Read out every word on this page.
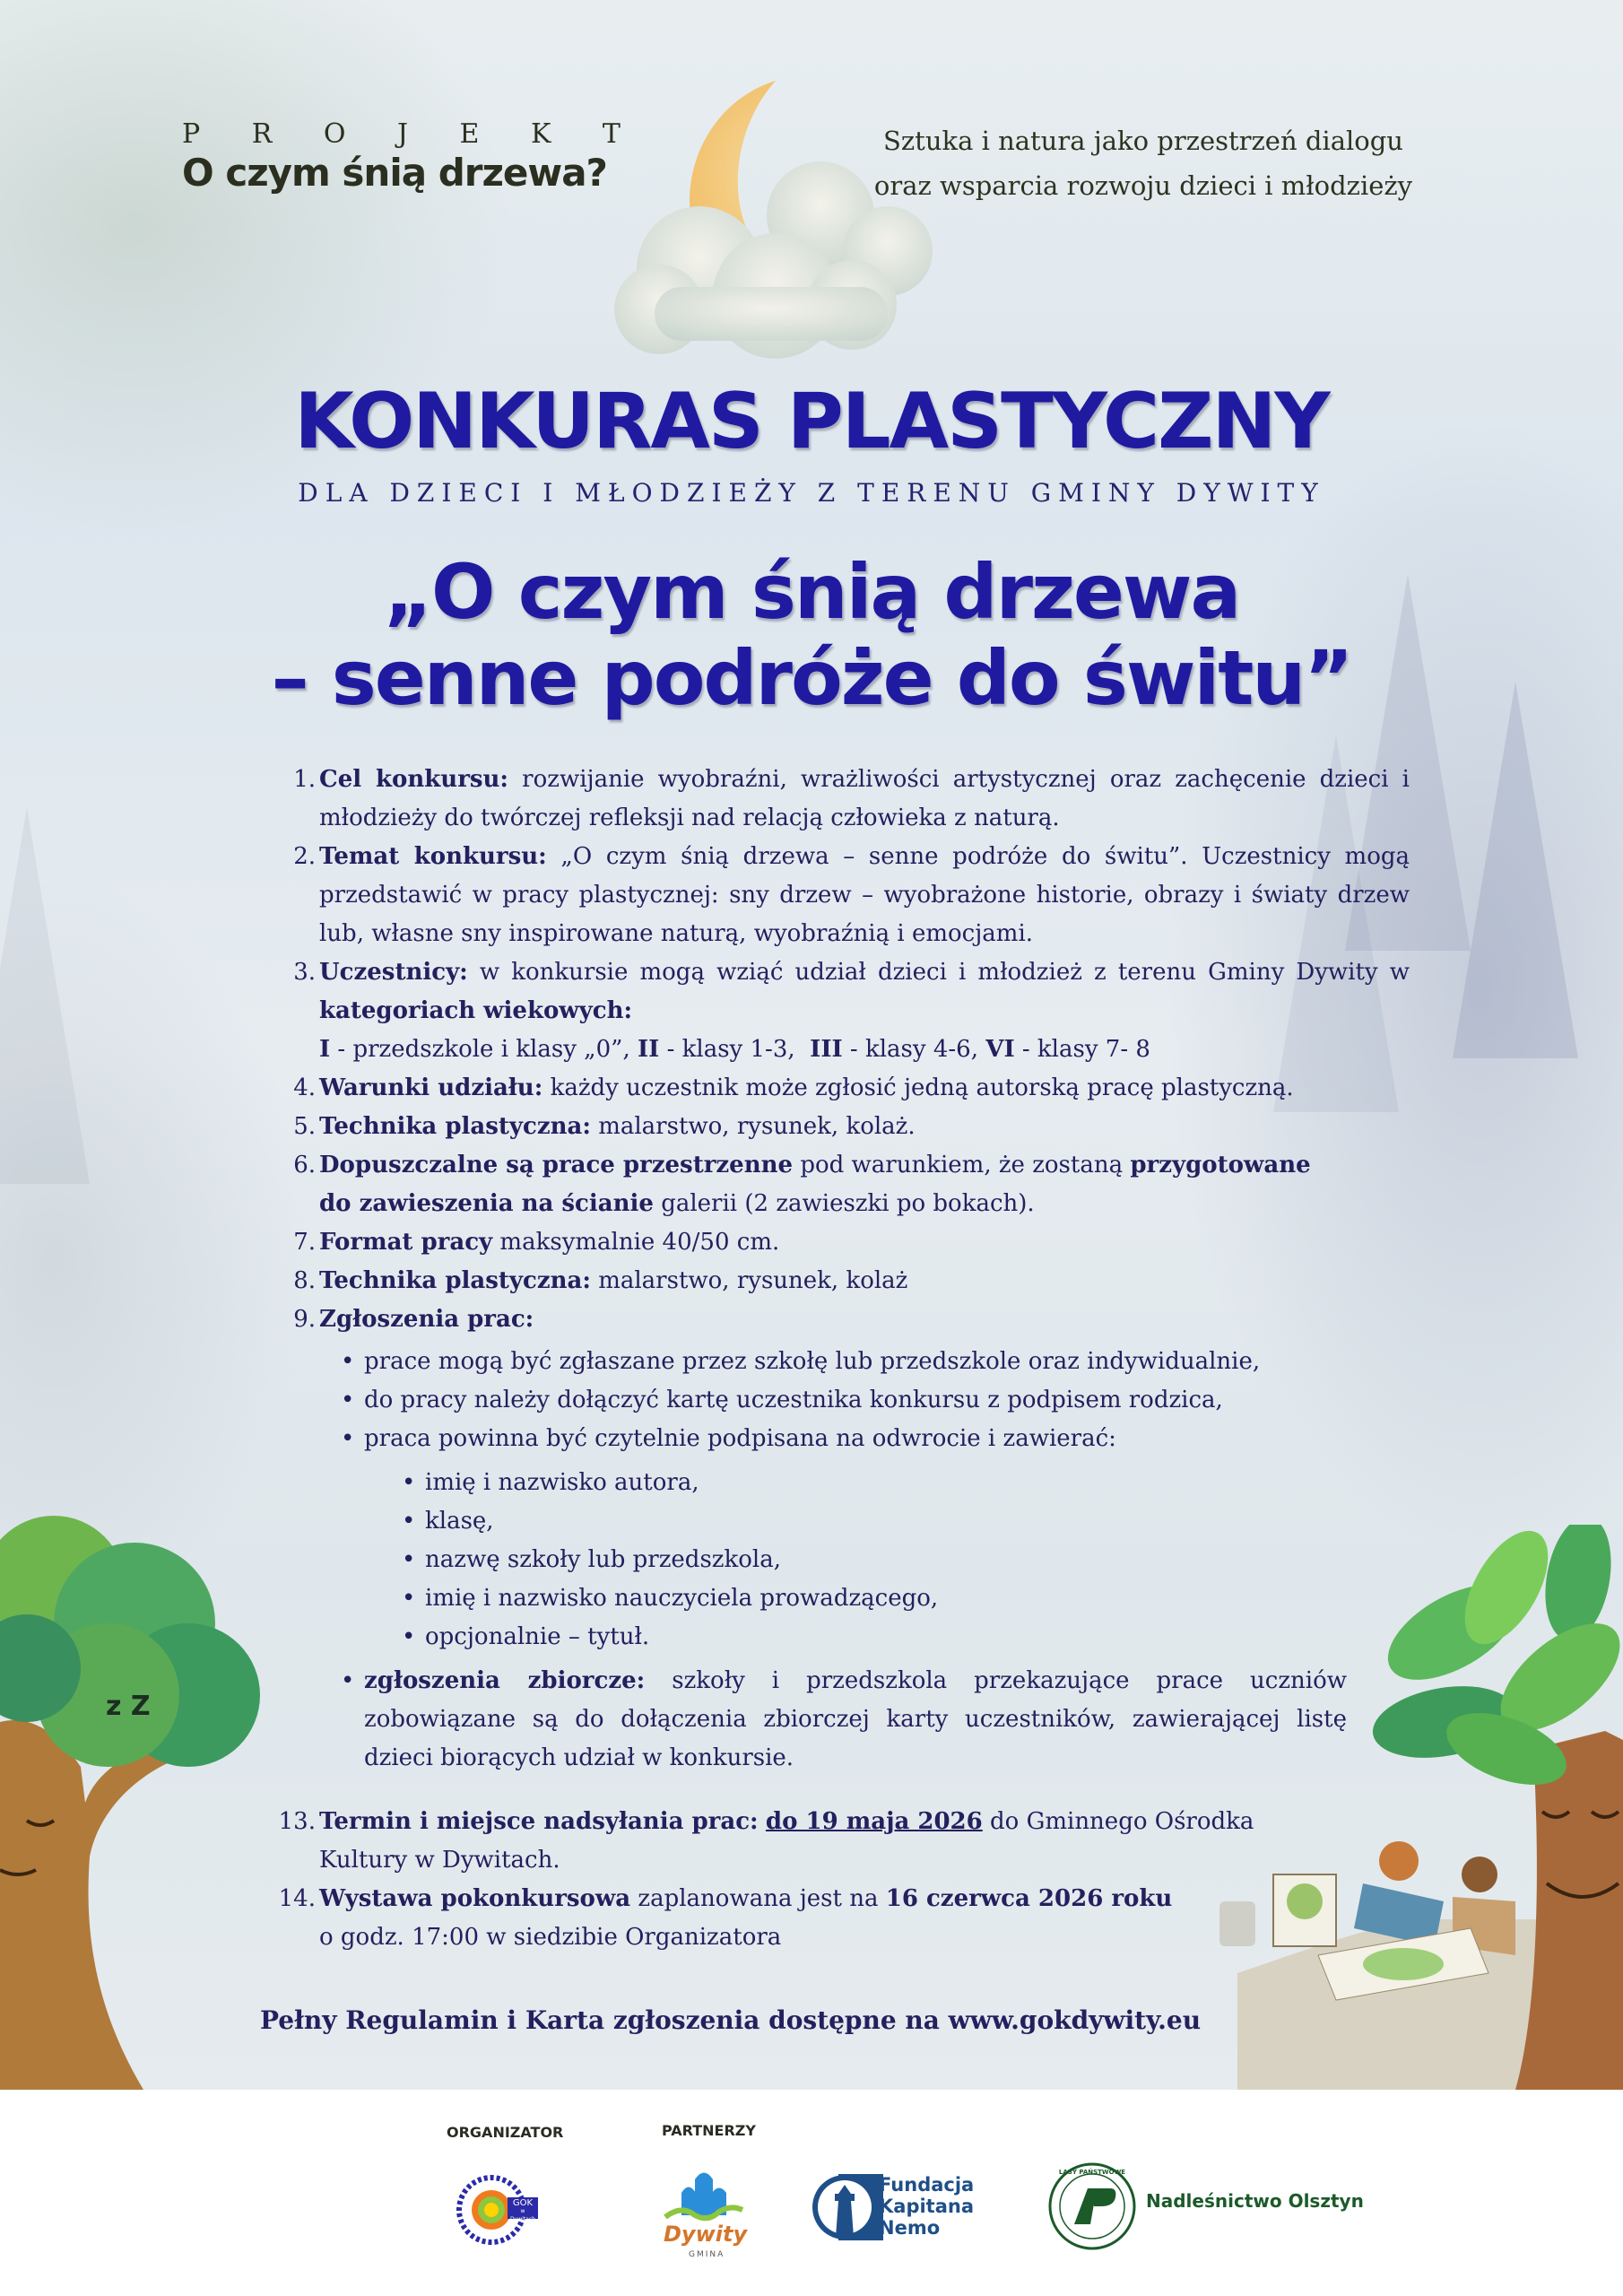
P R O J E K T
O czym śnią drzewa?
Sztuka i natura jako przestrzeń dialogu
oraz wsparcia rozwoju dzieci i młodzieży
KONKURAS PLASTYCZNY
DLA DZIECI I MŁODZIEŻY Z TERENU GMINY DYWITY
„O czym śnią drzewa
– senne podróże do świtu”
1. Cel konkursu: rozwijanie wyobraźni, wrażliwości artystycznej oraz zachęcenie dzieci i młodzieży do twórczej refleksji nad relacją człowieka z naturą.
2. Temat konkursu: „O czym śnią drzewa – senne podróże do świtu”. Uczestnicy mogą przedstawić w pracy plastycznej: sny drzew – wyobrażone historie, obrazy i światy drzew lub, własne sny inspirowane naturą, wyobraźnią i emocjami.
3. Uczestnicy: w konkursie mogą wziąć udział dzieci i młodzież z terenu Gminy Dywity w kategoriach wiekowych:
I - przedszkole i klasy „0”, II - klasy 1-3,  III - klasy 4-6, VI - klasy 7- 8
4. Warunki udziału: każdy uczestnik może zgłosić jedną autorską pracę plastyczną.
5. Technika plastyczna: malarstwo, rysunek, kolaż.
6. Dopuszczalne są prace przestrzenne pod warunkiem, że zostaną przygotowane
do zawieszenia na ścianie galerii (2 zawieszki po bokach).
7. Format pracy maksymalnie 40/50 cm.
8. Technika plastyczna: malarstwo, rysunek, kolaż
9. Zgłoszenia prac:
• prace mogą być zgłaszane przez szkołę lub przedszkole oraz indywidualnie,
• do pracy należy dołączyć kartę uczestnika konkursu z podpisem rodzica,
• praca powinna być czytelnie podpisana na odwrocie i zawierać:
• imię i nazwisko autora,
• klasę,
• nazwę szkoły lub przedszkola,
• imię i nazwisko nauczyciela prowadzącego,
• opcjonalnie – tytuł.
• zgłoszenia zbiorcze: szkoły i przedszkola przekazujące prace uczniów zobowiązane są do dołączenia zbiorczej karty uczestników, zawierającej listę dzieci biorących udział w konkursie.
13. Termin i miejsce nadsyłania prac: do 19 maja 2026 do Gminnego Ośrodka Kultury w Dywitach.
14. Wystawa pokonkursowa zaplanowana jest na 16 czerwca 2026 roku
o godz. 17:00 w siedzibie Organizatora
Pełny Regulamin i Karta zgłoszenia dostępne na www.gokdywity.eu
z Z
ORGANIZATOR	PARTNERZY
GOK
w Dywitach
Dywity
GMINA
Fundacja
Kapitana
Nemo
LASY PAŃSTWOWE
Nadleśnictwo Olsztyn
